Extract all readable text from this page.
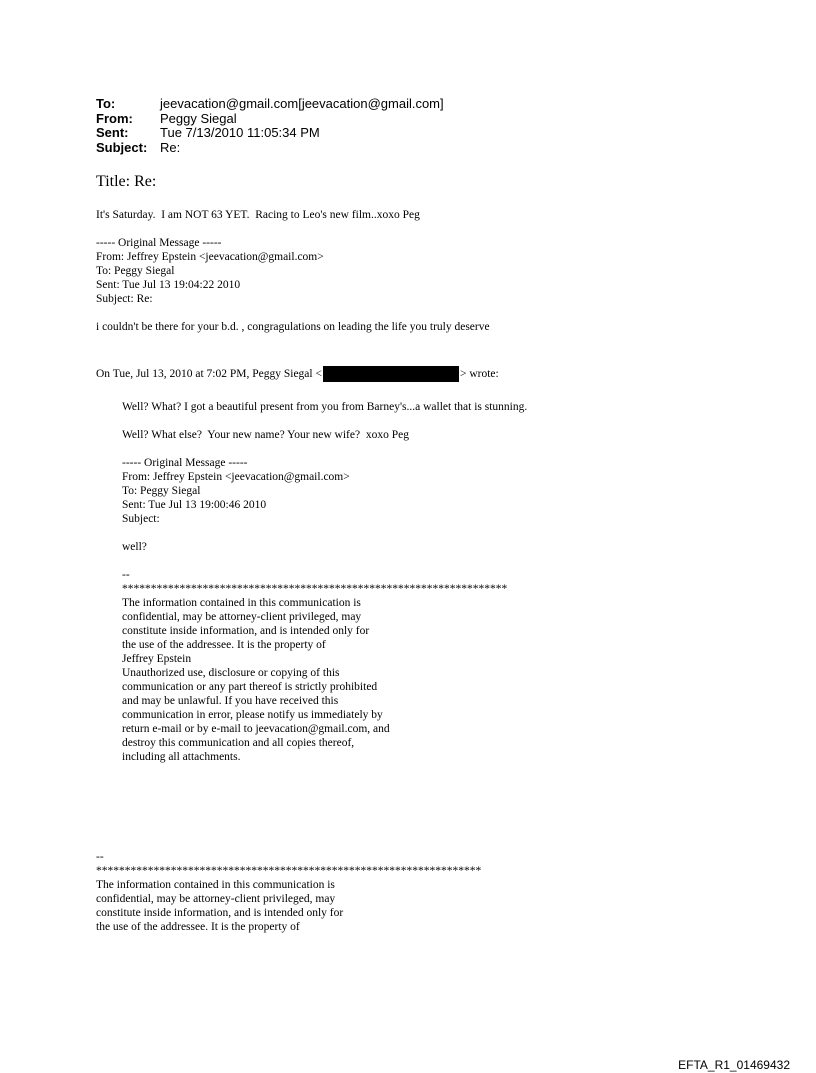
To:	jeevacation@gmail.com[jeevacation@gmail.com]
From:	Peggy Siegal
Sent:	Tue 7/13/2010 11:05:34 PM
Subject: Re:
Title: Re:

It's Saturday.  I am NOT 63 YET.  Racing to Leo's new film..xoxo Peg

----- Original Message -----

From: Jeffrey Epstein <jeevacation@gmail.com>

To: Peggy Siegal

Sent: Tue Jul 13 19:04:22 2010

Subject: Re:

i couldn't be there for your b.d. , congragulations on leading the life you truly deserve

On Tue, Jul 13, 2010 at 7:02 PM, Peggy Siegal <	> wrote:

Well? What? I got a beautiful present from you from Barney's...a wallet that is stunning.

Well? What else?  Your new name? Your new wife?  xoxo Peg

----- Original Message -----

From: Jeffrey Epstein <jeevacation@gmail.com>

To: Peggy Siegal

Sent: Tue Jul 13 19:00:46 2010

Subject:

well?

--

*******************************************************************

The information contained in this communication is

confidential, may be attorney-client privileged, may

constitute inside information, and is intended only for

the use of the addressee. It is the property of

Jeffrey Epstein

Unauthorized use, disclosure or copying of this

communication or any part thereof is strictly prohibited

and may be unlawful. If you have received this

communication in error, please notify us immediately by

return e-mail or by e-mail to jeevacation@gmail.com, and

destroy this communication and all copies thereof,

including all attachments.

--

*******************************************************************

The information contained in this communication is

confidential, may be attorney-client privileged, may

constitute inside information, and is intended only for

the use of the addressee. It is the property of

EFTA_R1_01469432
